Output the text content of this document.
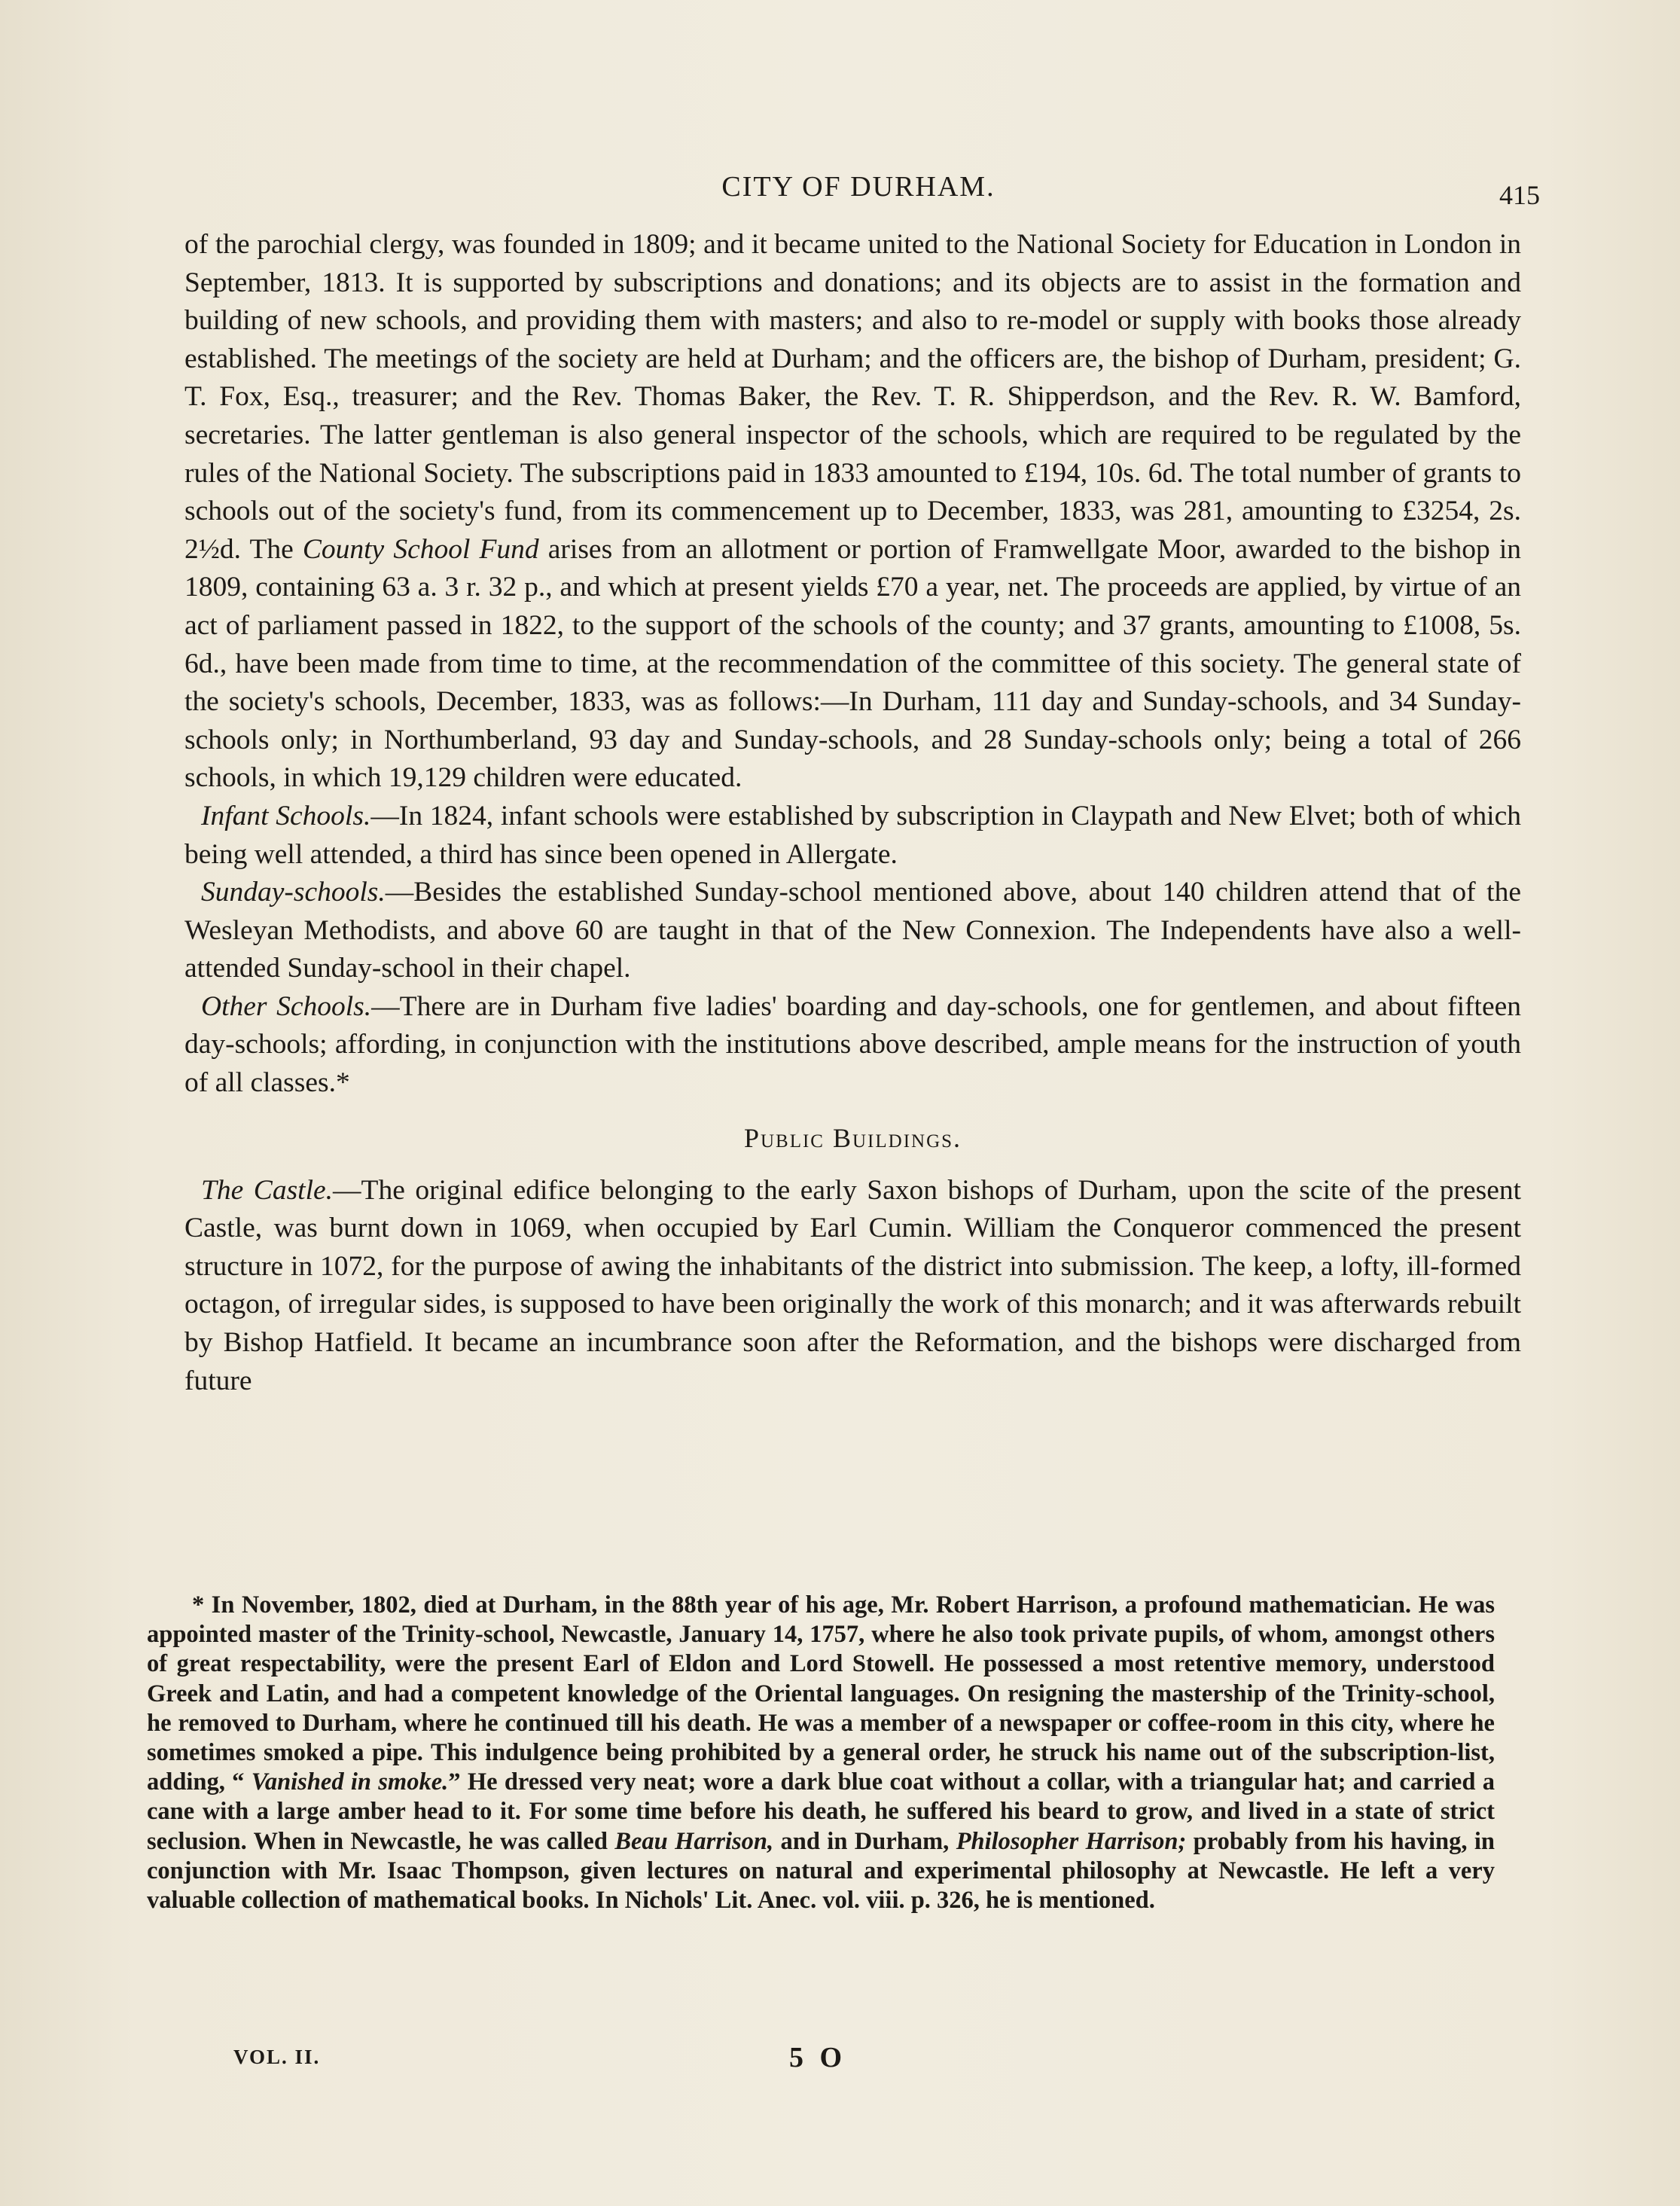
CITY OF DURHAM.	415

of the parochial clergy, was founded in 1809; and it became united to the National Society for Education in London in September, 1813. It is supported by subscriptions and donations; and its objects are to assist in the formation and building of new schools, and providing them with masters; and also to re-model or supply with books those already established. The meetings of the society are held at Durham; and the officers are, the bishop of Durham, president; G. T. Fox, Esq., treasurer; and the Rev. Thomas Baker, the Rev. T. R. Shipperdson, and the Rev. R. W. Bamford, secretaries. The latter gentleman is also general inspector of the schools, which are required to be regulated by the rules of the National Society. The subscriptions paid in 1833 amounted to £194, 10s. 6d. The total number of grants to schools out of the society's fund, from its commencement up to December, 1833, was 281, amounting to £3254, 2s. 2½d. The County School Fund arises from an allotment or portion of Framwellgate Moor, awarded to the bishop in 1809, containing 63 a. 3 r. 32 p., and which at present yields £70 a year, net. The proceeds are applied, by virtue of an act of parliament passed in 1822, to the support of the schools of the county; and 37 grants, amounting to £1008, 5s. 6d., have been made from time to time, at the recommendation of the committee of this society. The general state of the society's schools, December, 1833, was as follows:—In Durham, 111 day and Sunday-schools, and 34 Sunday-schools only; in Northumberland, 93 day and Sunday-schools, and 28 Sunday-schools only; being a total of 266 schools, in which 19,129 children were educated.

Infant Schools.—In 1824, infant schools were established by subscription in Claypath and New Elvet; both of which being well attended, a third has since been opened in Allergate.

Sunday-schools.—Besides the established Sunday-school mentioned above, about 140 children attend that of the Wesleyan Methodists, and above 60 are taught in that of the New Connexion. The Independents have also a well-attended Sunday-school in their chapel.

Other Schools.—There are in Durham five ladies' boarding and day-schools, one for gentlemen, and about fifteen day-schools; affording, in conjunction with the institutions above described, ample means for the instruction of youth of all classes.*

Public Buildings.

The Castle.—The original edifice belonging to the early Saxon bishops of Durham, upon the scite of the present Castle, was burnt down in 1069, when occupied by Earl Cumin. William the Conqueror commenced the present structure in 1072, for the purpose of awing the inhabitants of the district into submission. The keep, a lofty, ill-formed octagon, of irregular sides, is supposed to have been originally the work of this monarch; and it was afterwards rebuilt by Bishop Hatfield. It became an incumbrance soon after the Reformation, and the bishops were discharged from future

* In November, 1802, died at Durham, in the 88th year of his age, Mr. Robert Harrison, a profound mathematician. He was appointed master of the Trinity-school, Newcastle, January 14, 1757, where he also took private pupils, of whom, amongst others of great respectability, were the present Earl of Eldon and Lord Stowell. He possessed a most retentive memory, understood Greek and Latin, and had a competent knowledge of the Oriental languages. On resigning the mastership of the Trinity-school, he removed to Durham, where he continued till his death. He was a member of a newspaper or coffee-room in this city, where he sometimes smoked a pipe. This indulgence being prohibited by a general order, he struck his name out of the subscription-list, adding, “ Vanished in smoke.” He dressed very neat; wore a dark blue coat without a collar, with a triangular hat; and carried a cane with a large amber head to it. For some time before his death, he suffered his beard to grow, and lived in a state of strict seclusion. When in Newcastle, he was called Beau Harrison, and in Durham, Philosopher Harrison; probably from his having, in conjunction with Mr. Isaac Thompson, given lectures on natural and experimental philosophy at Newcastle. He left a very valuable collection of mathematical books. In Nichols' Lit. Anec. vol. viii. p. 326, he is mentioned.

VOL. II.	5 O
